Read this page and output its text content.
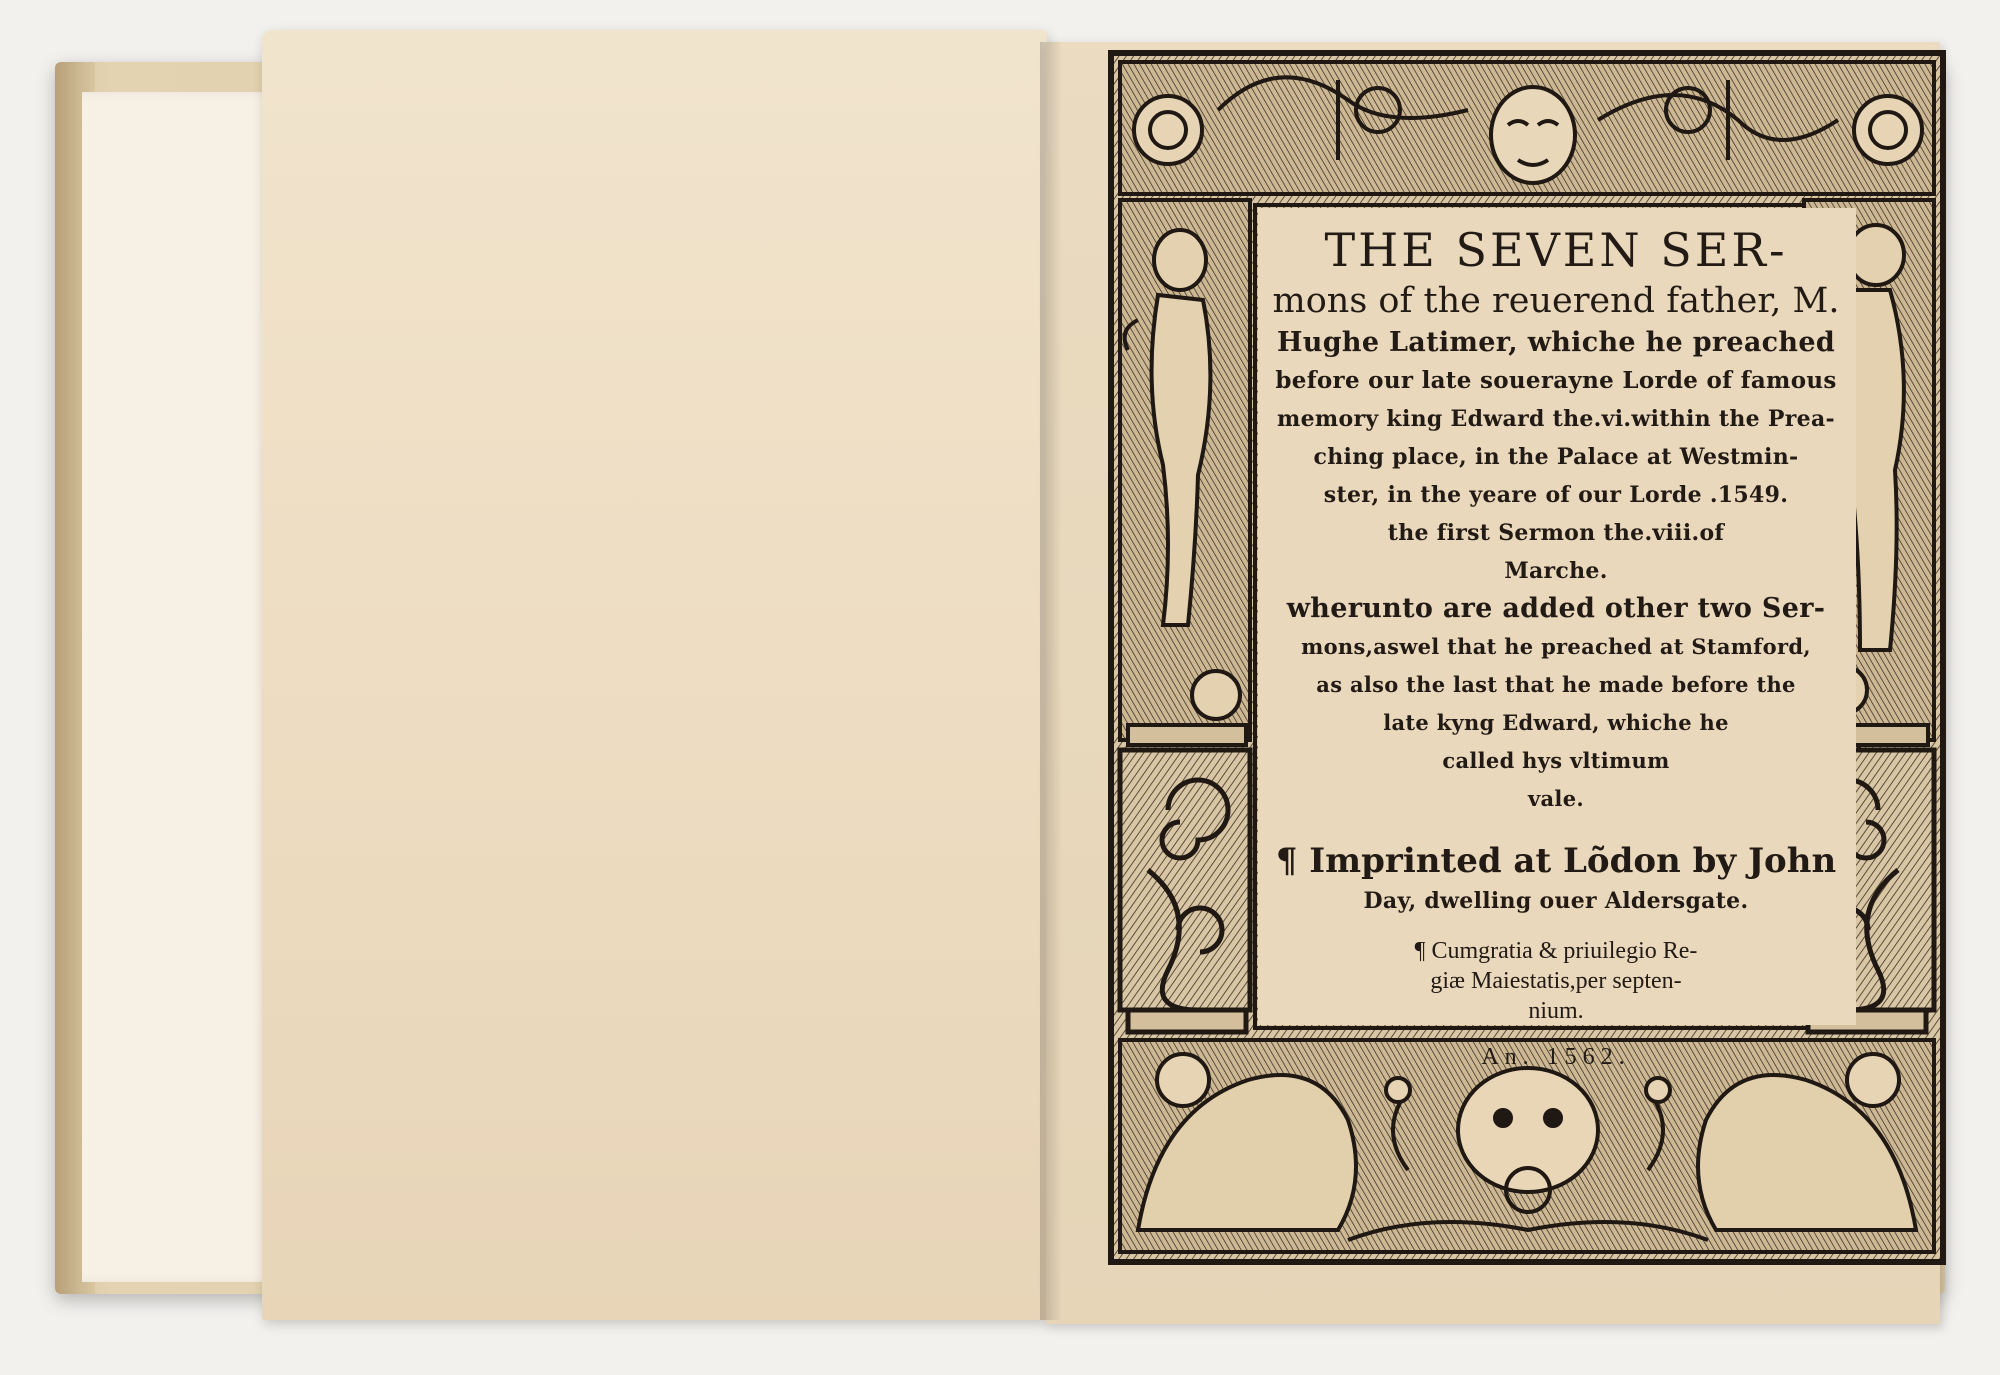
THE SEVEN SER-
mons of the reuerend father, M.
Hughe Latimer, whiche he preached
before our late souerayne Lorde of famous
memory king Edward the.vi.within the Prea-
ching place, in the Palace at Westmin-
ster, in the yeare of our Lorde .1549.
the first Sermon the.viii.of
Marche.
wherunto are added other two Ser-
mons,aswel that he preached at Stamford,
as also the last that he made before the
late kyng Edward, whiche he
called hys vltimum
vale.
¶ Imprinted at Lõdon by John
Day, dwelling ouer Aldersgate.
¶ Cumgratia & priuilegio Re-
giæ Maiestatis,per septen-
nium.
An. 1562.
